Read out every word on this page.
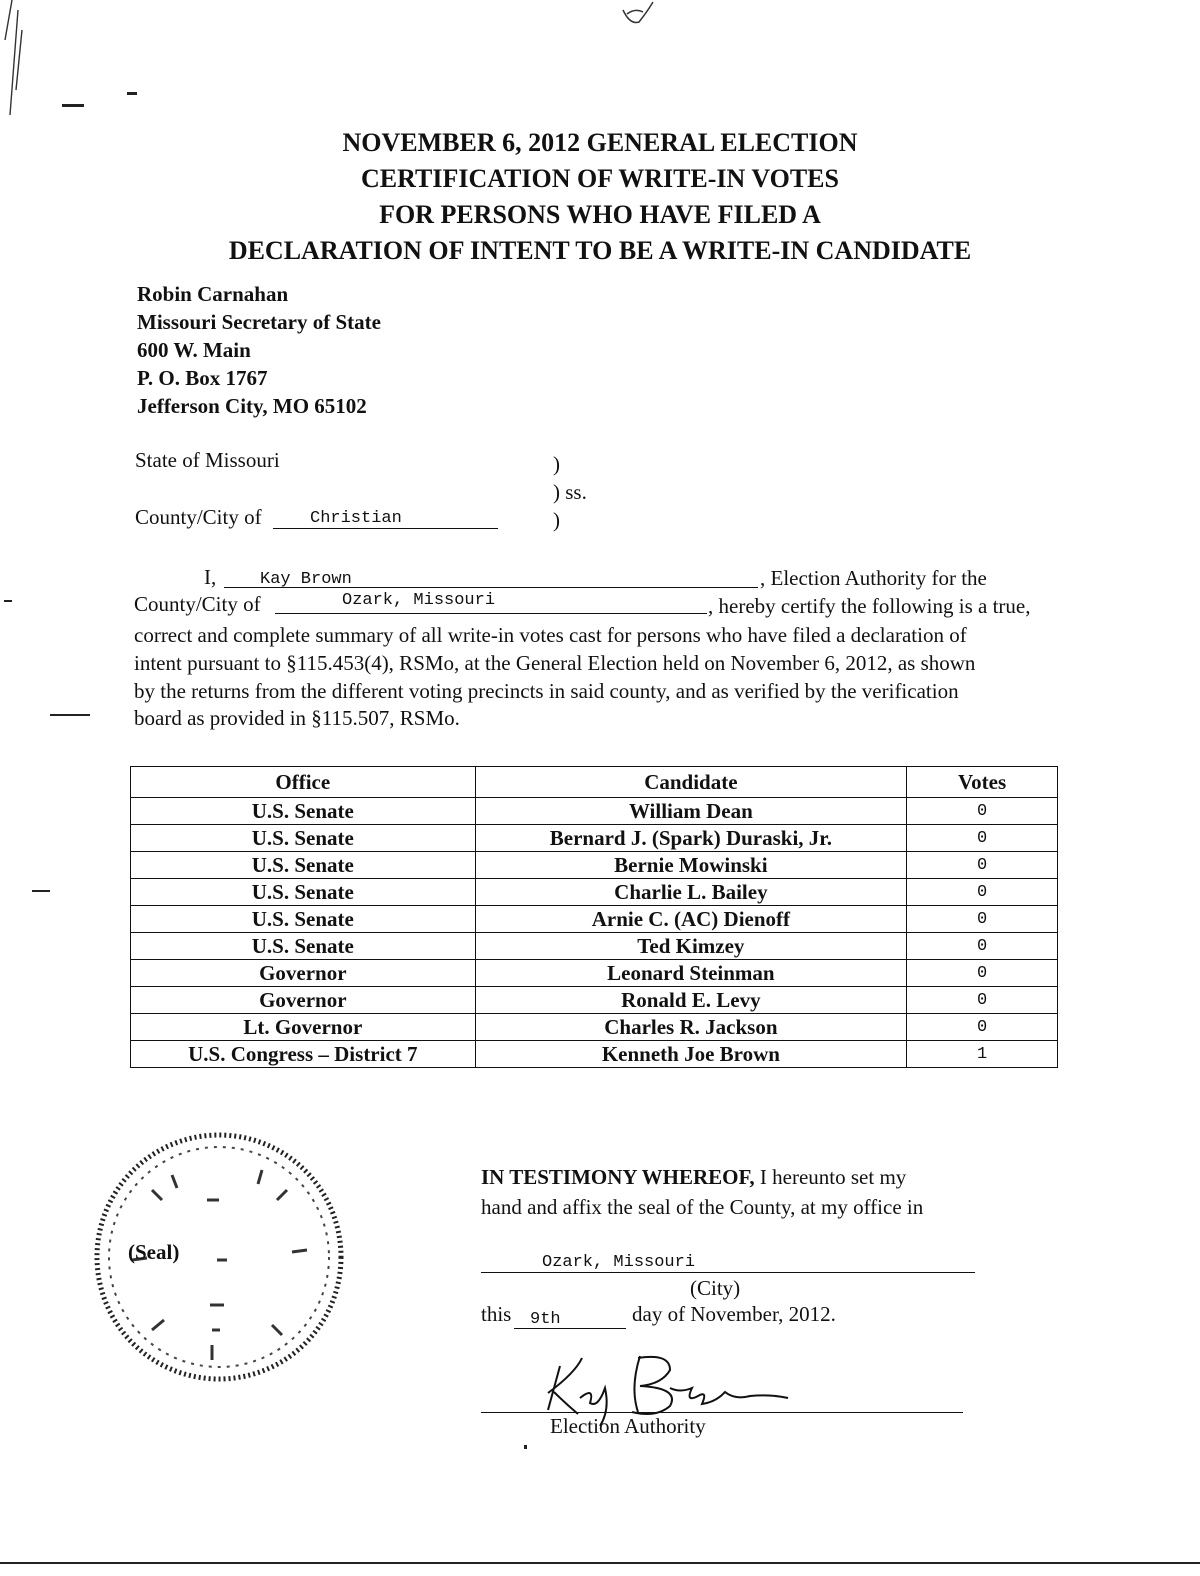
NOVEMBER 6, 2012 GENERAL ELECTION
CERTIFICATION OF WRITE-IN VOTES
FOR PERSONS WHO HAVE FILED A
DECLARATION OF INTENT TO BE A WRITE-IN CANDIDATE
Robin Carnahan
Missouri Secretary of State
600 W. Main
P. O. Box 1767
Jefferson City, MO 65102
State of Missouri
County/City of	Christian
)
) ss.
)
I,	Kay Brown	, Election Authority for the
County/City of	Ozark, Missouri	, hereby certify the following is a true,
correct and complete summary of all write-in votes cast for persons who have filed a declaration of
intent pursuant to §115.453(4), RSMo, at the General Election held on November 6, 2012, as shown
by the returns from the different voting precincts in said county, and as verified by the verification
board as provided in §115.507, RSMo.
Office	Candidate	Votes
U.S. Senate	William Dean	0
U.S. Senate	Bernard J. (Spark) Duraski, Jr.	0
U.S. Senate	Bernie Mowinski	0
U.S. Senate	Charlie L. Bailey	0
U.S. Senate	Arnie C. (AC) Dienoff	0
U.S. Senate	Ted Kimzey	0
Governor	Leonard Steinman	0
Governor	Ronald E. Levy	0
Lt. Governor	Charles R. Jackson	0
U.S. Congress – District 7	Kenneth Joe Brown	1
(Seal)
IN TESTIMONY WHEREOF, I hereunto set my
hand and affix the seal of the County, at my office in
Ozark, Missouri
(City)
this 9th	day of November, 2012.
Election Authority
